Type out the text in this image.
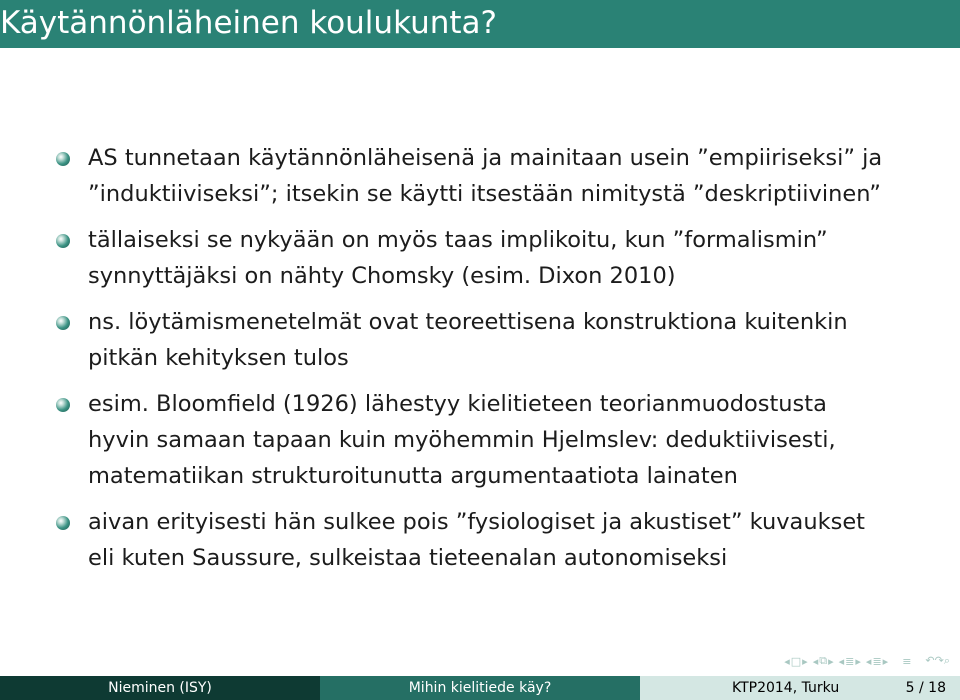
Käytännönläheinen koulukunta?
AS tunnetaan käytännönläheisenä ja mainitaan usein ”empiiriseksi” ja
”induktiiviseksi”; itsekin se käytti itsestään nimitystä ”deskriptiivinen”
tällaiseksi se nykyään on myös taas implikoitu, kun ”formalismin”
synnyttäjäksi on nähty Chomsky (esim. Dixon 2010)
ns. löytämismenetelmät ovat teoreettisena konstruktiona kuitenkin
pitkän kehityksen tulos
esim. Bloomfield (1926) lähestyy kielitieteen teorianmuodostusta
hyvin samaan tapaan kuin myöhemmin Hjelmslev: deduktiivisesti,
matematiikan strukturoitunutta argumentaatiota lainaten
aivan erityisesti hän sulkee pois ”fysiologiset ja akustiset” kuvaukset
eli kuten Saussure, sulkeistaa tieteenalan autonomiseksi
◂ □ ▸ ◂ ⧉ ▸ ◂ ≣ ▸ ◂ ≣ ▸ ≡ ↶↷⌕
Nieminen (ISY)	Mihin kielitiede käy?	KTP2014, Turku	5 / 18
